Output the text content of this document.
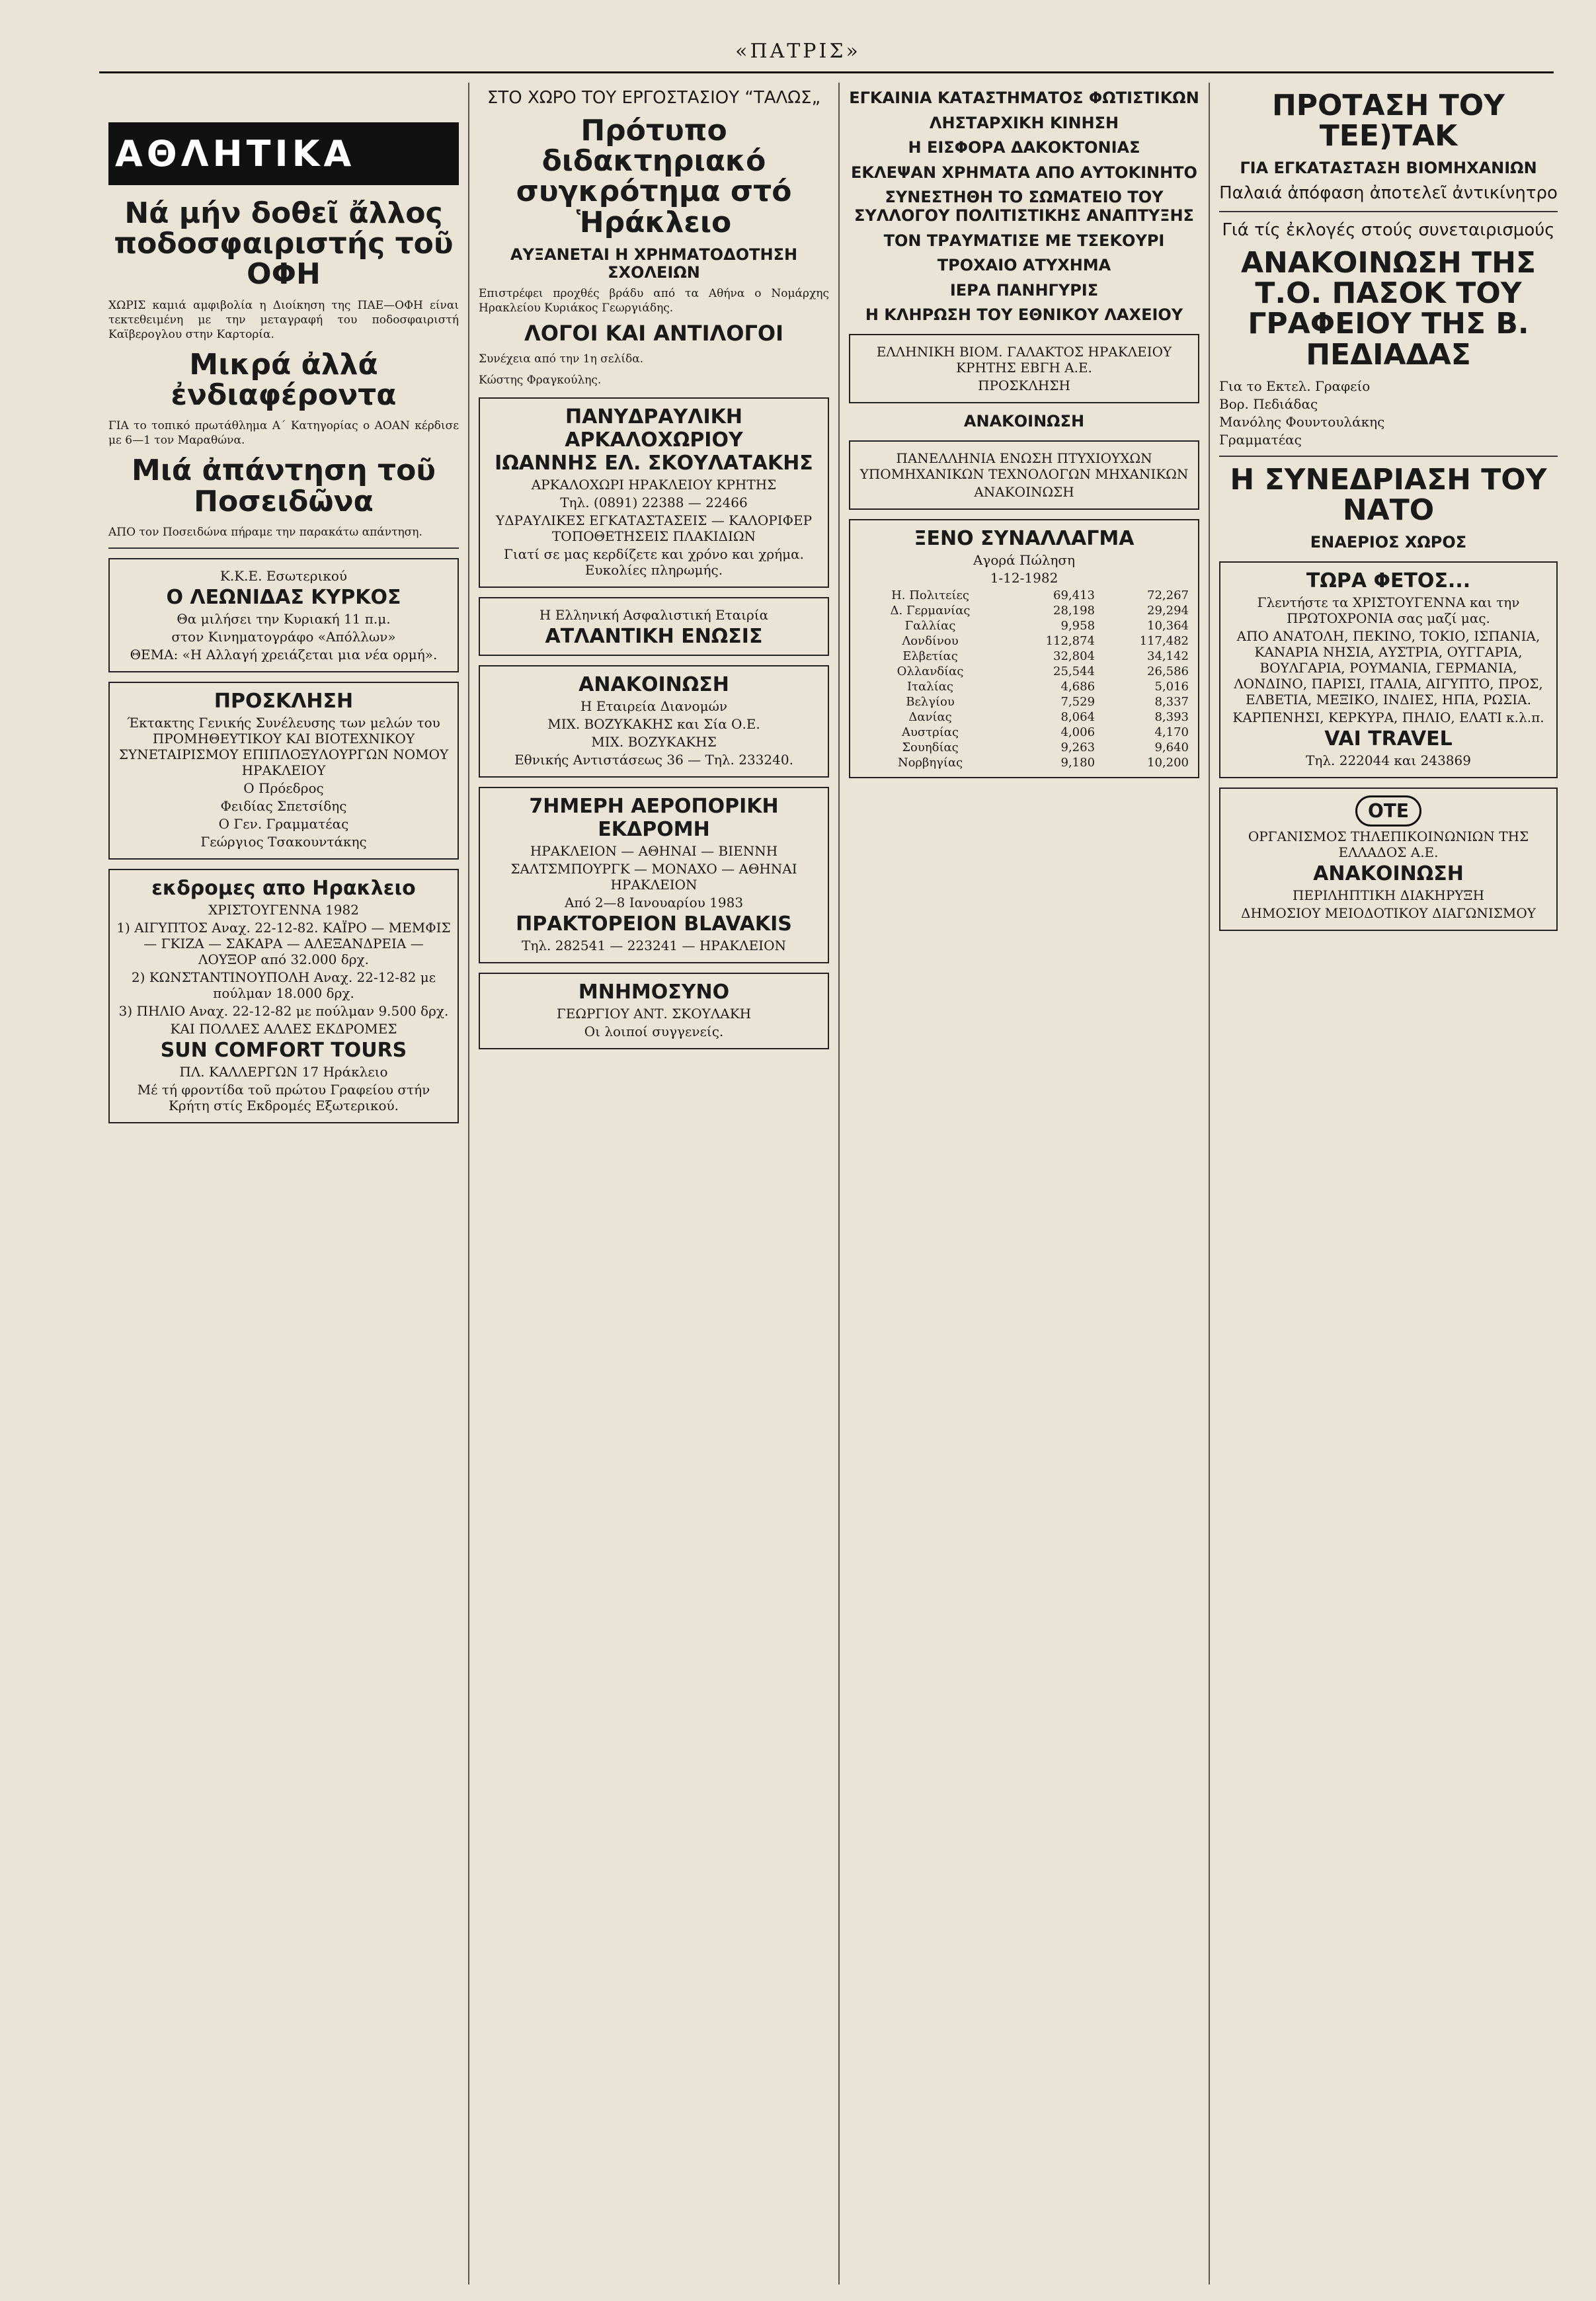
«ΠΑΤΡΙΣ»
ΑΘΛΗΤΙΚΑ
Νά μήν δοθεῖ ἄλλος ποδοσφαιριστής τοῦ ΟΦΗ

ΧΩΡΙΣ καμιά αμφιβολία η Διοίκηση της ΠΑΕ—ΟΦΗ είναι τεκτεθειμένη με την μεταγραφή του ποδοσφαιριστή Καϊβερογλου στην Καρτορία.

Μικρά ἀλλά ἐνδιαφέροντα

ΓΙΑ το τοπικό πρωτάθλημα Α΄ Κατηγορίας ο ΑΟΑΝ κέρδισε με 6—1 τον Μαραθώνα.

Μιά ἀπάντηση τοῦ Ποσειδῶνα

ΑΠΟ τον Ποσειδώνα πήραμε την παρακάτω απάντηση.

Κ.Κ.Ε. Εσωτερικού
Ο ΛΕΩΝΙΔΑΣ ΚΥΡΚΟΣ
Θα μιλήσει την Κυριακή 11 π.μ.
στον Κινηματογράφο «Απόλλων»
ΘΕΜΑ: «Η Αλλαγή χρειάζεται μια νέα ορμή».
ΠΡΟΣΚΛΗΣΗ
Έκτακτης Γενικής Συνέλευσης των μελών του ΠΡΟΜΗΘΕΥΤΙΚΟΥ ΚΑΙ ΒΙΟΤΕΧΝΙΚΟΥ ΣΥΝΕΤΑΙΡΙΣΜΟΥ ΕΠΙΠΛΟΞΥΛΟΥΡΓΩΝ ΝΟΜΟΥ ΗΡΑΚΛΕΙΟΥ
Ο Πρόεδρος
Φειδίας Σπετσίδης
Ο Γεν. Γραμματέας
Γεώργιος Τσακουντάκης
εκδρομες απο Ηρακλειο
ΧΡΙΣΤΟΥΓΕΝΝΑ 1982
1) ΑΙΓΥΠΤΟΣ Αναχ. 22-12-82. ΚΑΪΡΟ — ΜΕΜΦΙΣ — ΓΚΙΖΑ — ΣΑΚΑΡΑ — ΑΛΕΞΑΝΔΡΕΙΑ — ΛΟΥΞΟΡ από 32.000 δρχ.
2) ΚΩΝΣΤΑΝΤΙΝΟΥΠΟΛΗ Αναχ. 22-12-82 με πούλμαν 18.000 δρχ.
3) ΠΗΛΙΟ Αναχ. 22-12-82 με πούλμαν 9.500 δρχ.
ΚΑΙ ΠΟΛΛΕΣ ΑΛΛΕΣ ΕΚΔΡΟΜΕΣ
SUN COMFORT TOURS
ΠΛ. ΚΑΛΛΕΡΓΩΝ 17 Ηράκλειο
Μέ τή φροντίδα τοῦ πρώτου Γραφείου στήν Κρήτη στίς Εκδρομές Εξωτερικού.
ΣΤΟ ΧΩΡΟ ΤΟΥ ΕΡΓΟΣΤΑΣΙΟΥ “ΤΑΛΩΣ„
Πρότυπο διδακτηριακό συγκρότημα στό Ἡράκλειο
ΑΥΞΑΝΕΤΑΙ Η ΧΡΗΜΑΤΟΔΟΤΗΣΗ ΣΧΟΛΕΙΩΝ

Επιστρέφει προχθές βράδυ από τα Αθήνα ο Νομάρχης Ηρακλείου Κυριάκος Γεωργιάδης.

ΛΟΓΟΙ ΚΑΙ ΑΝΤΙΛΟΓΟΙ

Συνέχεια από την 1η σελίδα.

Κώστης Φραγκούλης.

ΠΑΝΥΔΡΑΥΛΙΚΗ ΑΡΚΑΛΟΧΩΡΙΟΥ
ΙΩΑΝΝΗΣ ΕΛ. ΣΚΟΥΛΑΤΑΚΗΣ
ΑΡΚΑΛΟΧΩΡΙ ΗΡΑΚΛΕΙΟΥ ΚΡΗΤΗΣ
Τηλ. (0891) 22388 — 22466
ΥΔΡΑΥΛΙΚΕΣ ΕΓΚΑΤΑΣΤΑΣΕΙΣ — ΚΑΛΟΡΙΦΕΡ ΤΟΠΟΘΕΤΗΣΕΙΣ ΠΛΑΚΙΔΙΩΝ
Γιατί σε μας κερδίζετε και χρόνο και χρήμα. Ευκολίες πληρωμής.
Η Ελληνική Ασφαλιστική Εταιρία
ΑΤΛΑΝΤΙΚΗ ΕΝΩΣΙΣ
ΑΝΑΚΟΙΝΩΣΗ
Η Εταιρεία Διανομών
ΜΙΧ. ΒΟΖΥΚΑΚΗΣ και Σία Ο.Ε.
ΜΙΧ. ΒΟΖΥΚΑΚΗΣ
Εθνικής Αντιστάσεως 36 — Τηλ. 233240.
7ΗΜΕΡΗ ΑΕΡΟΠΟΡΙΚΗ ΕΚΔΡΟΜΗ
ΗΡΑΚΛΕΙΟΝ — ΑΘΗΝΑΙ — ΒΙΕΝΝΗ
ΣΑΛΤΣΜΠΟΥΡΓΚ — ΜΟΝΑΧΟ — ΑΘΗΝΑΙ ΗΡΑΚΛΕΙΟΝ
Από 2—8 Ιανουαρίου 1983
ΠΡΑΚΤΟΡΕΙΟΝ BLAVAKIS
Τηλ. 282541 — 223241 — ΗΡΑΚΛΕΙΟΝ
ΜΝΗΜΟΣΥΝΟ
ΓΕΩΡΓΙΟΥ ΑΝΤ. ΣΚΟΥΛΑΚΗ
Οι λοιποί συγγενείς.
ΕΓΚΑΙΝΙΑ ΚΑΤΑΣΤΗΜΑΤΟΣ ΦΩΤΙΣΤΙΚΩΝ
ΛΗΣΤΑΡΧΙΚΗ ΚΙΝΗΣΗ
Η ΕΙΣΦΟΡΑ ΔΑΚΟΚΤΟΝΙΑΣ
ΕΚΛΕΨΑΝ ΧΡΗΜΑΤΑ ΑΠΟ ΑΥΤΟΚΙΝΗΤΟ
ΣΥΝΕΣΤΗΘΗ ΤΟ ΣΩΜΑΤΕΙΟ ΤΟΥ ΣΥΛΛΟΓΟΥ ΠΟΛΙΤΙΣΤΙΚΗΣ ΑΝΑΠΤΥΞΗΣ
ΤΟΝ ΤΡΑΥΜΑΤΙΣΕ ΜΕ ΤΣΕΚΟΥΡΙ
ΤΡΟΧΑΙΟ ΑΤΥΧΗΜΑ
ΙΕΡΑ ΠΑΝΗΓΥΡΙΣ
Η ΚΛΗΡΩΣΗ ΤΟΥ ΕΘΝΙΚΟΥ ΛΑΧΕΙΟΥ
ΕΛΛΗΝΙΚΗ ΒΙΟΜ. ΓΑΛΑΚΤΟΣ ΗΡΑΚΛΕΙΟΥ ΚΡΗΤΗΣ ΕΒΓΗ Α.Ε.
ΠΡΟΣΚΛΗΣΗ
ΑΝΑΚΟΙΝΩΣΗ
ΠΑΝΕΛΛΗΝΙΑ ΕΝΩΣΗ ΠΤΥΧΙΟΥΧΩΝ ΥΠΟΜΗΧΑΝΙΚΩΝ ΤΕΧΝΟΛΟΓΩΝ ΜΗΧΑΝΙΚΩΝ
ΑΝΑΚΟΙΝΩΣΗ
ΞΕΝΟ ΣΥΝΑΛΛΑΓΜΑ
Αγορά Πώληση
1-12-1982
Η. Πολιτείες	69,413	72,267
Δ. Γερμανίας	28,198	29,294
Γαλλίας	9,958	10,364
Λονδίνου	112,874	117,482
Ελβετίας	32,804	34,142
Ολλανδίας	25,544	26,586
Ιταλίας	4,686	5,016
Βελγίου	7,529	8,337
Δανίας	8,064	8,393
Αυστρίας	4,006	4,170
Σουηδίας	9,263	9,640
Νορβηγίας	9,180	10,200
ΠΡΟΤΑΣΗ ΤΟΥ ΤΕΕ)ΤΑΚ
ΓΙΑ ΕΓΚΑΤΑΣΤΑΣΗ ΒΙΟΜΗΧΑΝΙΩΝ
Παλαιά ἀπόφαση ἀποτελεῖ ἀντικίνητρο
Γιά τίς ἐκλογές στούς συνεταιρισμούς
ΑΝΑΚΟΙΝΩΣΗ ΤΗΣ Τ.Ο. ΠΑΣΟΚ ΤΟΥ ΓΡΑΦΕΙΟΥ ΤΗΣ Β. ΠΕΔΙΑΔΑΣ
Για το Εκτελ. Γραφείο
Βορ. Πεδιάδας
Μανόλης Φουντουλάκης
Γραμματέας
Η ΣΥΝΕΔΡΙΑΣΗ ΤΟΥ ΝΑΤΟ
ΕΝΑΕΡΙΟΣ ΧΩΡΟΣ
ΤΩΡΑ ΦΕΤΟΣ...
Γλεντήστε τα ΧΡΙΣΤΟΥΓΕΝΝΑ και την ΠΡΩΤΟΧΡΟΝΙΑ σας μαζί μας.
ΑΠΟ ΑΝΑΤΟΛΗ, ΠΕΚΙΝΟ, ΤΟΚΙΟ, ΙΣΠΑΝΙΑ, ΚΑΝΑΡΙΑ ΝΗΣΙΑ, ΑΥΣΤΡΙΑ, ΟΥΓΓΑΡΙΑ, ΒΟΥΛΓΑΡΙΑ, ΡΟΥΜΑΝΙΑ, ΓΕΡΜΑΝΙΑ, ΛΟΝΔΙΝΟ, ΠΑΡΙΣΙ, ΙΤΑΛΙΑ, ΑΙΓΥΠΤΟ, ΠΡΟΣ, ΕΛΒΕΤΙΑ, ΜΕΞΙΚΟ, ΙΝΔΙΕΣ, ΗΠΑ, ΡΩΣΙΑ.
ΚΑΡΠΕΝΗΣΙ, ΚΕΡΚΥΡΑ, ΠΗΛΙΟ, ΕΛΑΤΙ κ.λ.π.
VAI TRAVEL
Τηλ. 222044 και 243869
ΟΤΕ
ΟΡΓΑΝΙΣΜΟΣ ΤΗΛΕΠΙΚΟΙΝΩΝΙΩΝ ΤΗΣ ΕΛΛΑΔΟΣ Α.Ε.
ΑΝΑΚΟΙΝΩΣΗ
ΠΕΡΙΛΗΠΤΙΚΗ ΔΙΑΚΗΡΥΞΗ
ΔΗΜΟΣΙΟΥ ΜΕΙΟΔΟΤΙΚΟΥ ΔΙΑΓΩΝΙΣΜΟΥ
